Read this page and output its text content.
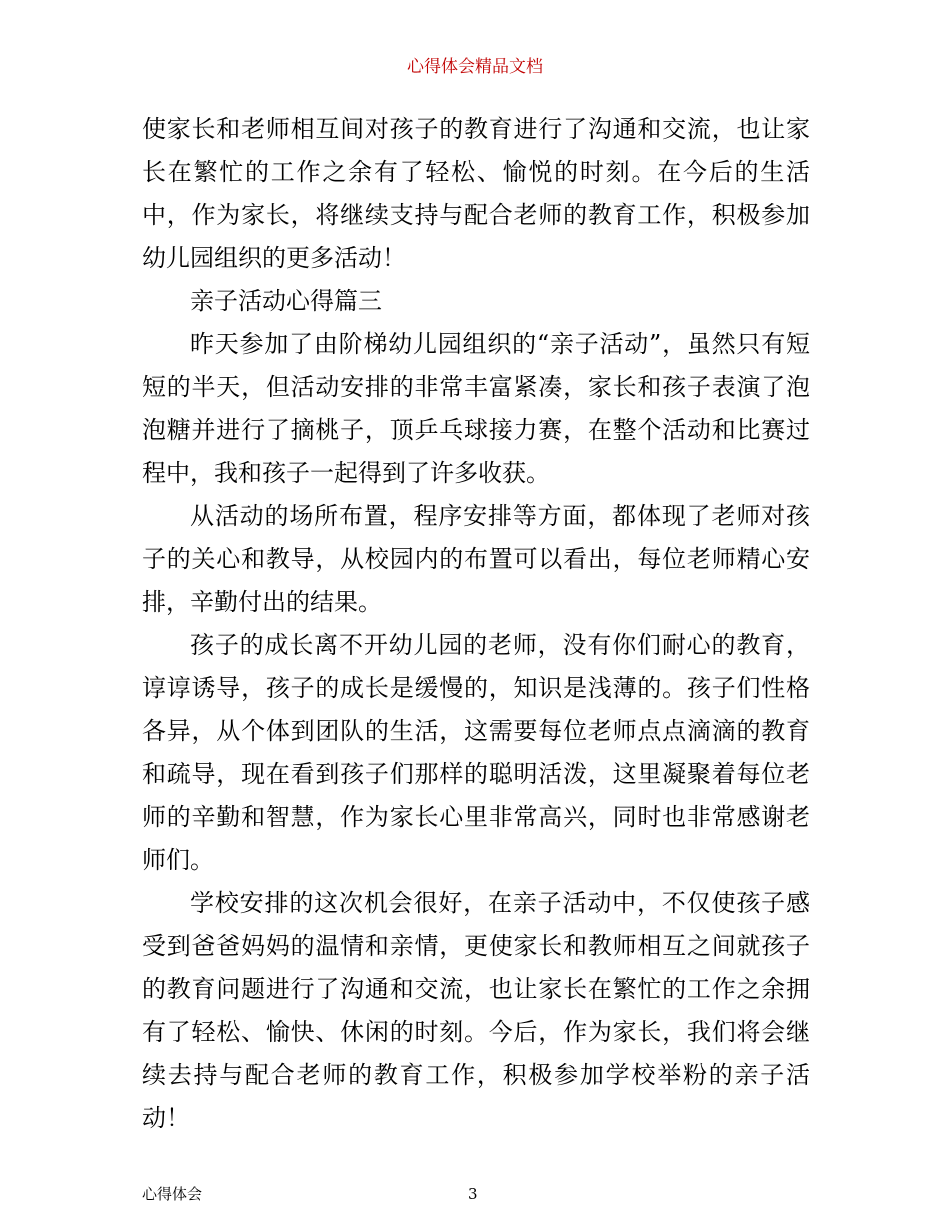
心得体会精品文档

使家长和老师相互间对孩子的教育进行了沟通和交流，也让家长在繁忙的工作之余有了轻松、愉悦的时刻。在今后的生活中，作为家长，将继续支持与配合老师的教育工作，积极参加幼儿园组织的更多活动！

亲子活动心得篇三

昨天参加了由阶梯幼儿园组织的“亲子活动”，虽然只有短短的半天，但活动安排的非常丰富紧凑，家长和孩子表演了泡泡糖并进行了摘桃子，顶乒乓球接力赛，在整个活动和比赛过程中，我和孩子一起得到了许多收获。

从活动的场所布置，程序安排等方面，都体现了老师对孩子的关心和教导，从校园内的布置可以看出，每位老师精心安排，辛勤付出的结果。

孩子的成长离不开幼儿园的老师，没有你们耐心的教育，谆谆诱导，孩子的成长是缓慢的，知识是浅薄的。孩子们性格各异，从个体到团队的生活，这需要每位老师点点滴滴的教育和疏导，现在看到孩子们那样的聪明活泼，这里凝聚着每位老师的辛勤和智慧，作为家长心里非常高兴，同时也非常感谢老师们。

学校安排的这次机会很好，在亲子活动中，不仅使孩子感受到爸爸妈妈的温情和亲情，更使家长和教师相互之间就孩子的教育问题进行了沟通和交流，也让家长在繁忙的工作之余拥有了轻松、愉快、休闲的时刻。今后，作为家长，我们将会继续去持与配合老师的教育工作，积极参加学校举粉的亲子活动！

心得体会	3
